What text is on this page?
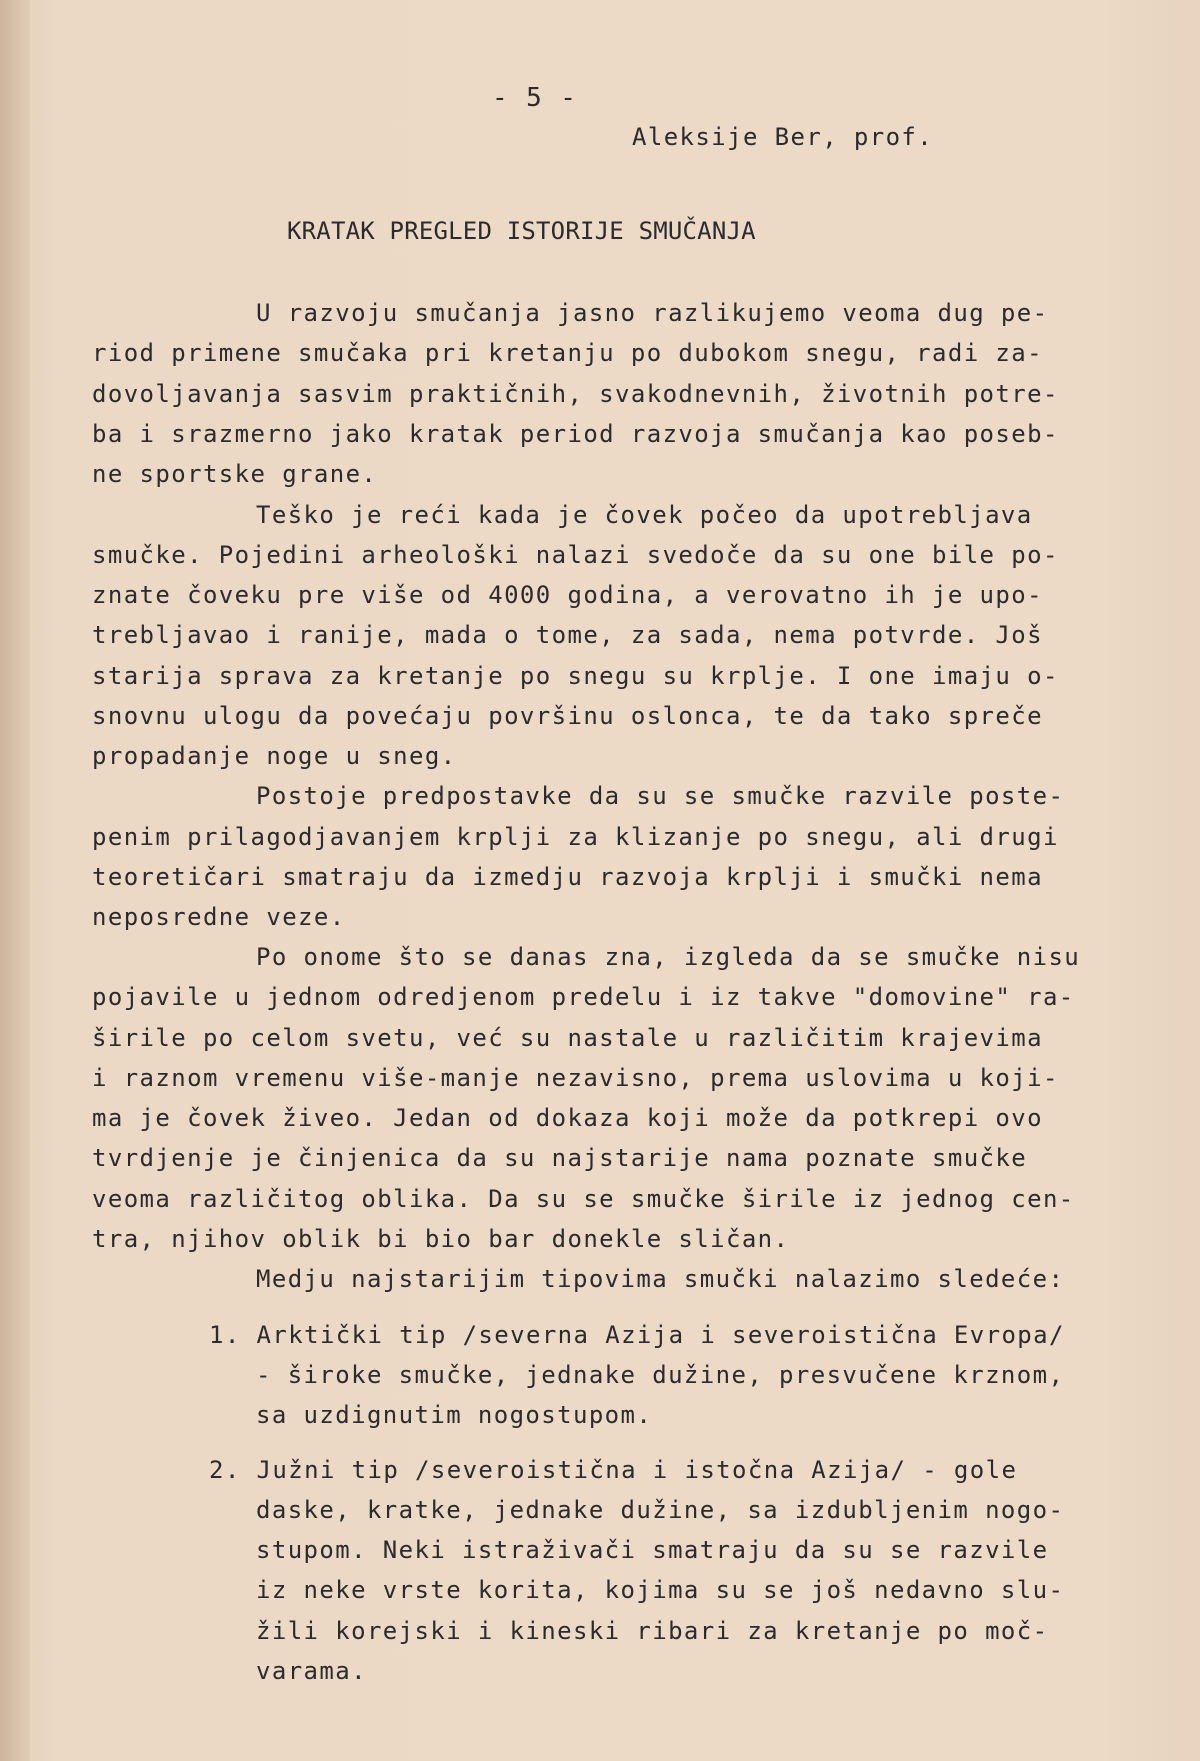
- 5 -
Aleksije Ber, prof.
KRATAK PREGLED ISTORIJE SMUČANJA
U razvoju smučanja jasno razlikujemo veoma dug pe-
riod primene smučaka pri kretanju po dubokom snegu, radi za-
dovoljavanja sasvim praktičnih, svakodnevnih, životnih potre-
ba i srazmerno jako kratak period razvoja smučanja kao poseb-
ne sportske grane.
Teško je reći kada je čovek počeo da upotrebljava
smučke. Pojedini arheološki nalazi svedoče da su one bile po-
znate čoveku pre više od 4000 godina, a verovatno ih je upo-
trebljavao i ranije, mada o tome, za sada, nema potvrde. Još
starija sprava za kretanje po snegu su krplje. I one imaju o-
snovnu ulogu da povećaju površinu oslonca, te da tako spreče
propadanje noge u sneg.
Postoje predpostavke da su se smučke razvile poste-
penim prilagodjavanjem krplji za klizanje po snegu, ali drugi
teoretičari smatraju da izmedju razvoja krplji i smučki nema
neposredne veze.
Po onome što se danas zna, izgleda da se smučke nisu
pojavile u jednom odredjenom predelu i iz takve "domovine" ra-
širile po celom svetu, već su nastale u različitim krajevima
i raznom vremenu više-manje nezavisno, prema uslovima u koji-
ma je čovek živeo. Jedan od dokaza koji može da potkrepi ovo
tvrdjenje je činjenica da su najstarije nama poznate smučke
veoma različitog oblika. Da su se smučke širile iz jednog cen-
tra, njihov oblik bi bio bar donekle sličan.
Medju najstarijim tipovima smučki nalazimo sledeće:
1. Arktički tip /severna Azija i severoistična Evropa/
- široke smučke, jednake dužine, presvučene krznom,
sa uzdignutim nogostupom.
2. Južni tip /severoistična i istočna Azija/ - gole
daske, kratke, jednake dužine, sa izdubljenim nogo-
stupom. Neki istraživači smatraju da su se razvile
iz neke vrste korita, kojima su se još nedavno slu-
žili korejski i kineski ribari za kretanje po moč-
varama.
